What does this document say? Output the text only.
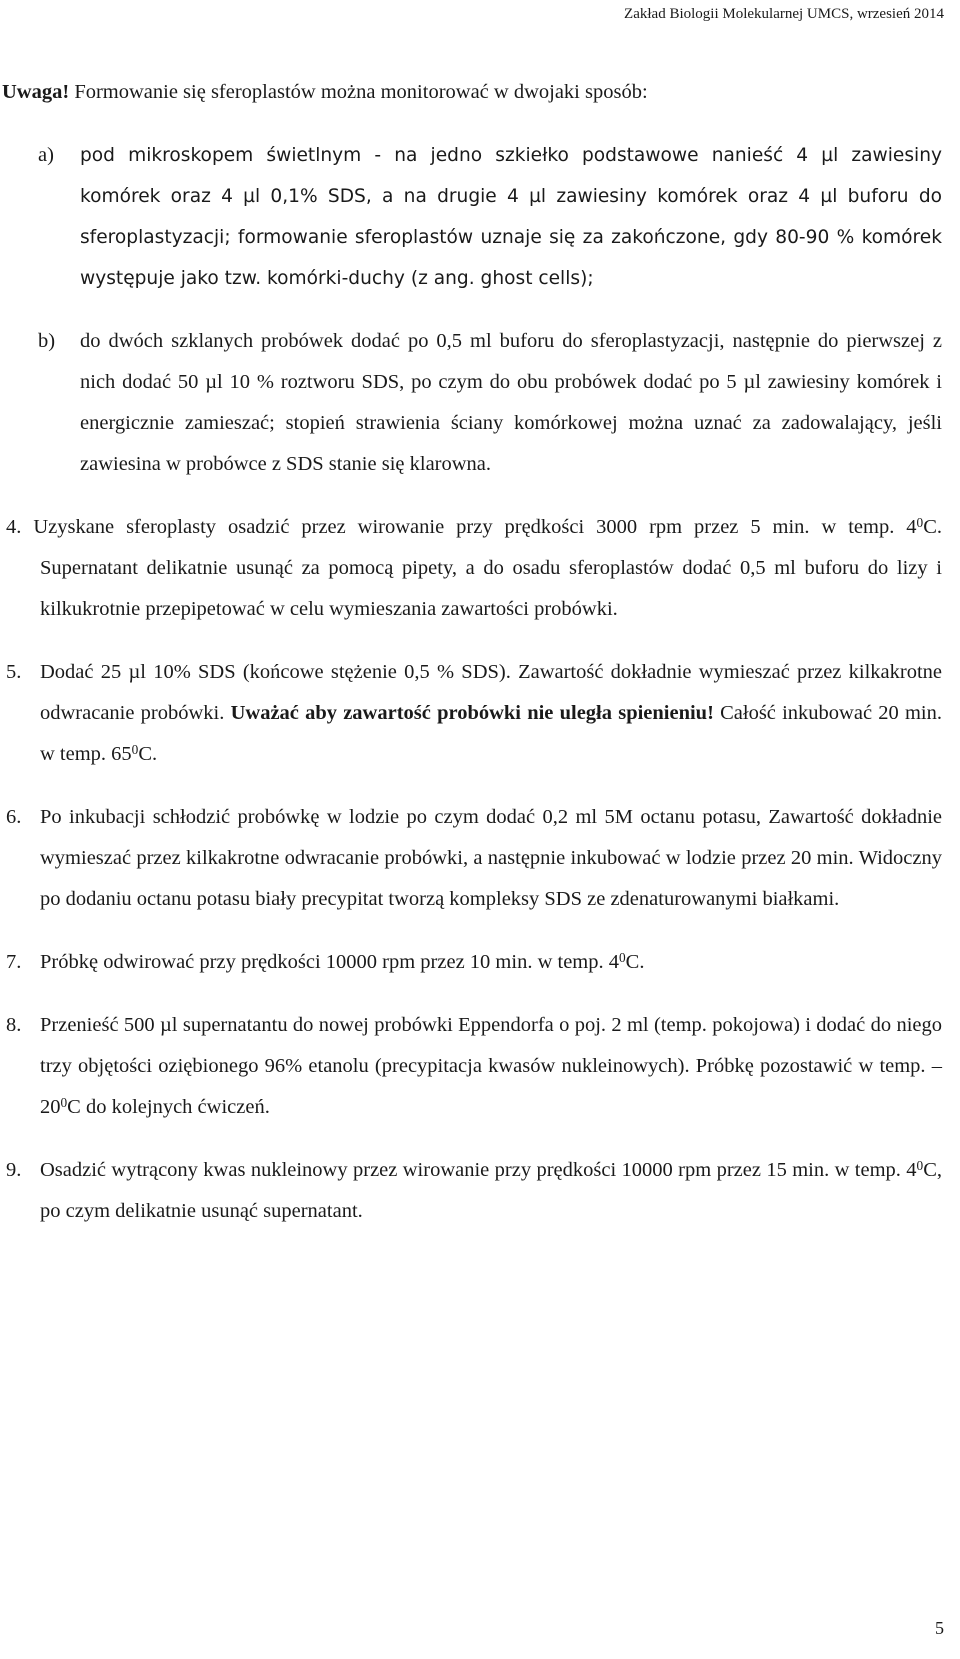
Zakład Biologii Molekularnej UMCS, wrzesień 2014

Uwaga! Formowanie się sferoplastów można monitorować w dwojaki sposób:

a) pod mikroskopem świetlnym - na jedno szkiełko podstawowe nanieść 4 µl zawiesiny komórek oraz 4 µl 0,1% SDS, a na drugie 4 µl zawiesiny komórek oraz 4 µl buforu do sferoplastyzacji; formowanie sferoplastów uznaje się za zakończone, gdy 80-90 % komórek występuje jako tzw. komórki-duchy (z ang. ghost cells);

b) do dwóch szklanych probówek dodać po 0,5 ml buforu do sferoplastyzacji, następnie do pierwszej z nich dodać 50 µl 10 % roztworu SDS, po czym do obu probówek dodać po 5 µl zawiesiny komórek i energicznie zamieszać; stopień strawienia ściany komórkowej można uznać za zadowalający, jeśli zawiesina w probówce z SDS stanie się klarowna.

4. Uzyskane sferoplasty osadzić przez wirowanie przy prędkości 3000 rpm przez 5 min. w temp. $4^0C$. Supernatant delikatnie usunąć za pomocą pipety, a do osadu sferoplastów dodać 0,5 ml buforu do lizy i kilkukrotnie przepipetować w celu wymieszania zawartości probówki.

5. Dodać 25 µl 10% SDS (końcowe stężenie 0,5 % SDS). Zawartość dokładnie wymieszać przez kilkakrotne odwracanie probówki. Uważać aby zawartość probówki nie uległa spienieniu! Całość inkubować 20 min. w temp. $65^0C$.

6. Po inkubacji schłodzić probówkę w lodzie po czym dodać 0,2 ml 5M octanu potasu, Zawartość dokładnie wymieszać przez kilkakrotne odwracanie probówki, a następnie inkubować w lodzie przez 20 min. Widoczny po dodaniu octanu potasu biały precypitat tworzą kompleksy SDS ze zdenaturowanymi białkami.

7. Próbkę odwirować przy prędkości 10000 rpm przez 10 min. w temp. $4^0C$.

8. Przenieść 500 µl supernatantu do nowej probówki Eppendorfa o poj. 2 ml (temp. pokojowa) i dodać do niego trzy objętości oziębionego 96% etanolu (precypitacja kwasów nukleinowych). Próbkę pozostawić w temp. $-20^0C$ do kolejnych ćwiczeń.

9. Osadzić wytrącony kwas nukleinowy przez wirowanie przy prędkości 10000 rpm przez 15 min. w temp. $4^0C$, po czym delikatnie usunąć supernatant.

5
